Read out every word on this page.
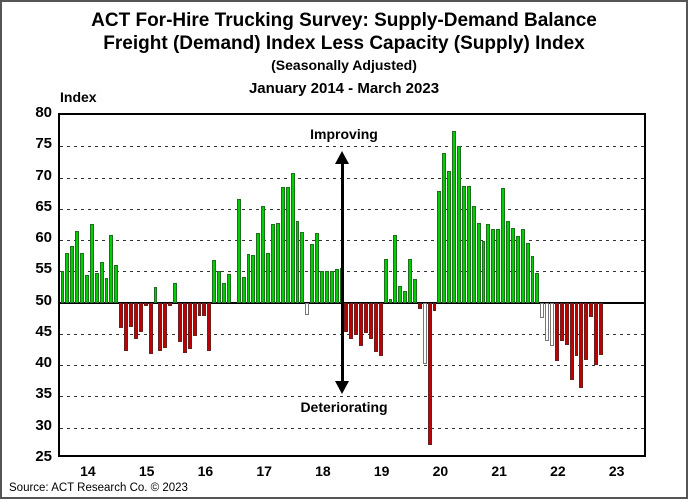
ACT For-Hire Trucking Survey: Supply-Demand Balance
Freight (Demand) Index Less Capacity (Supply) Index
(Seasonally Adjusted)
January 2014 - March 2023
Index
25
30
35
40
45
50
55
60
65
70
75
80
14	15	16	17	18	19	20	21	22	23
Improving
Deteriorating
Source: ACT Research Co. © 2023
